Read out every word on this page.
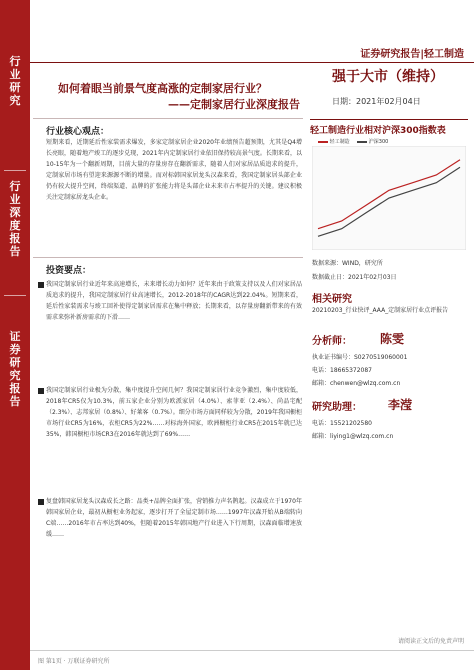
行业研究
行业深度报告
证券研究报告
证券研究报告|轻工制造
如何着眼当前景气度高涨的定制家居行业？
——定制家居行业深度报告
强于大市（维持）
日期：2021年02月04日
行业核心观点：
短期来看，近期延后性家装需求爆发，多家定制家居企业2020年业绩预告超预期，尤其是Q4增长亮眼，随着地产竣工的逐步兑现，2021年内定制家居行业依旧保持较高景气度。长期来看，以10-15年为一个翻新周期，目前大量的存量房存在翻新需求，随着人们对家居品质追求的提升，定制家居市场有望迎来源源不断的增量。而对标韩国家居龙头汉森来看，我国定制家居头部企业仍有较大提升空间，终端渠道、品牌的扩张能力将是头部企业未来市占率提升的关键。建议积极关注定制家居龙头企业。
投资要点：
我国定制家居行业近年来高速增长，未来增长动力如何？近年来由于政策支持以及人们对家居品质追求的提升，我国定制家居行业高速增长，2012-2018年的CAGR达到22.04%。短期来看，延后性家装需求与竣工回补使得定制家居需求在集中释放；长期来看，以存量房翻新带来的有效需求来弥补新房需求的下滑……
我国定制家居行业极为分散，集中度提升空间几何？我国定制家居行业竞争激烈，集中度较低，2018年CR5仅为10.3%，前五家企业分别为欧派家居（4.0%）、索菲亚（2.4%）、尚品宅配（2.3%）、志邦家居（0.8%）、好莱客（0.7%）。细分市场方面同样较为分散，2019年我国橱柜市场行业CR5为16%，衣柜CR5为22%……对标海外国家，欧洲橱柜行业CR5在2015年就已达35%，韩国橱柜市场CR3在2016年就达到了69%……
复盘韩国家居龙头汉森成长之路：品类+品牌全面扩张，营销推力声名鹊起。汉森成立于1970年韩国家居企业，最初从橱柜业务起家，逐步打开了全屋定制市场……1997年汉森开始从B端转向C端……2016年市占率达到40%，但随着2015年韩国地产行业进入下行周期，汉森面临增速放缓……
轻工制造行业相对沪深300指数表
轻工制造	沪深300
数据来源：WIND，研究所
数据截止日：2021年02月03日
相关研究
20210203_行业快评_AAA_定制家居行业点评报告
分析师： 陈雯
执业证书编号：S0270519060001
电话：18665372087
邮箱：chenwen@wlzq.com.cn
研究助理： 李滢
电话：15521202580
邮箱：liying1@wlzq.com.cn
请阅读正文后的免责声明
图 第1页 · 万联证券研究所
